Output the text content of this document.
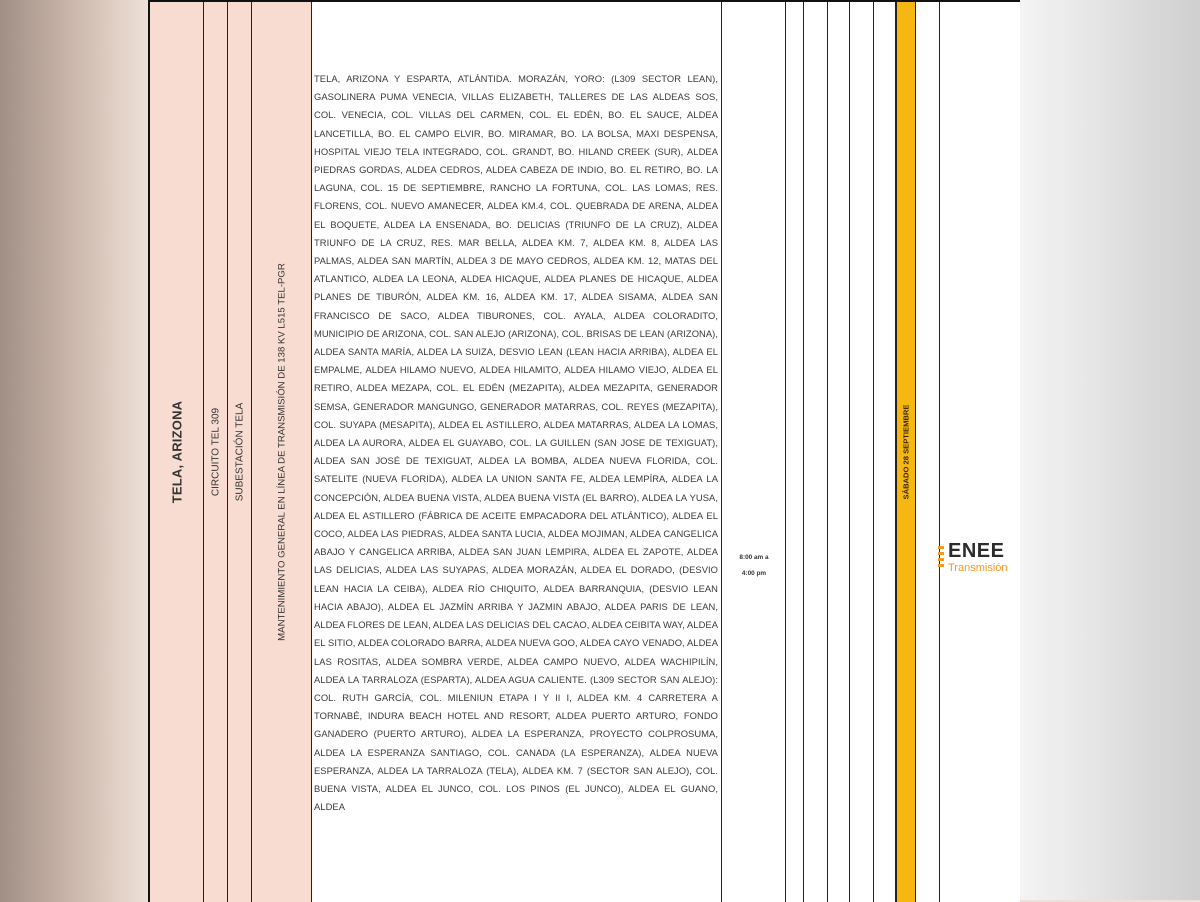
TELA, ARIZONA	CIRCUITO TEL 309 SUBESTACIÓN TELA	MANTENIMIENTO GENERAL EN LÍNEA DE TRANSMISIÓN DE 138 KV L515 TEL-PGR
TELA, ARIZONA Y ESPARTA, ATLÁNTIDA. MORAZÁN, YORO: (L309 SECTOR LEAN), GASOLINERA PUMA VENECIA, VILLAS ELIZABETH, TALLERES DE LAS ALDEAS SOS, COL. VENECIA, COL. VILLAS DEL CARMEN, COL. EL EDÉN, BO. EL SAUCE, ALDEA LANCETILLA, BO. EL CAMPO ELVIR, BO. MIRAMAR, BO. LA BOLSA, MAXI DESPENSA, HOSPITAL VIEJO TELA INTEGRADO, COL. GRANDT, BO. HILAND CREEK (SUR), ALDEA PIEDRAS GORDAS, ALDEA CEDROS, ALDEA CABEZA DE INDIO, BO. EL RETIRO, BO. LA LAGUNA, COL. 15 DE SEPTIEMBRE, RANCHO LA FORTUNA, COL. LAS LOMAS, RES. FLORENS, COL. NUEVO AMANECER, ALDEA KM.4, COL. QUEBRADA DE ARENA, ALDEA EL BOQUETE, ALDEA LA ENSENADA, BO. DELICIAS (TRIUNFO DE LA CRUZ), ALDEA TRIUNFO DE LA CRUZ, RES. MAR BELLA, ALDEA KM. 7, ALDEA KM. 8, ALDEA LAS PALMAS, ALDEA SAN MARTÍN, ALDEA 3 DE MAYO CEDROS, ALDEA KM. 12, MATAS DEL ATLANTICO, ALDEA LA LEONA, ALDEA HICAQUE, ALDEA PLANES DE HICAQUE, ALDEA PLANES DE TIBURÓN, ALDEA KM. 16, ALDEA KM. 17, ALDEA SISAMA, ALDEA SAN FRANCISCO DE SACO, ALDEA TIBURONES, COL. AYALA, ALDEA COLORADITO, MUNICIPIO DE ARIZONA, COL. SAN ALEJO (ARIZONA), COL. BRISAS DE LEAN (ARIZONA), ALDEA SANTA MARÍA, ALDEA LA SUIZA, DESVIO LEAN (LEAN HACIA ARRIBA), ALDEA EL EMPALME, ALDEA HILAMO NUEVO, ALDEA HILAMITO, ALDEA HILAMO VIEJO, ALDEA EL RETIRO, ALDEA MEZAPA, COL. EL EDÉN (MEZAPITA), ALDEA MEZAPITA, GENERADOR SEMSA, GENERADOR MANGUNGO, GENERADOR MATARRAS, COL. REYES (MEZAPITA), COL. SUYAPA (MESAPITA), ALDEA EL ASTILLERO, ALDEA MATARRAS, ALDEA LA LOMAS, ALDEA LA AURORA, ALDEA EL GUAYABO, COL. LA GUILLEN (SAN JOSE DE TEXIGUAT), ALDEA SAN JOSÉ DE TEXIGUAT, ALDEA LA BOMBA, ALDEA NUEVA FLORIDA, COL. SATELITE (NUEVA FLORIDA), ALDEA LA UNION SANTA FE, ALDEA LEMPÍRA, ALDEA LA CONCEPCIÓN, ALDEA BUENA VISTA, ALDEA BUENA VISTA (EL BARRO), ALDEA LA YUSA, ALDEA EL ASTILLERO (FÁBRICA DE ACEITE EMPACADORA DEL ATLÁNTICO), ALDEA EL COCO, ALDEA LAS PIEDRAS, ALDEA SANTA LUCIA, ALDEA MOJIMAN, ALDEA CANGELICA ABAJO Y CANGELICA ARRIBA, ALDEA SAN JUAN LEMPIRA, ALDEA EL ZAPOTE, ALDEA LAS DELICIAS, ALDEA LAS SUYAPAS, ALDEA MORAZÁN, ALDEA EL DORADO, (DESVIO LEAN HACIA LA CEIBA), ALDEA RÍO CHIQUITO, ALDEA BARRANQUIA, (DESVIO LEAN HACIA ABAJO), ALDEA EL JAZMÍN ARRIBA Y JAZMIN ABAJO, ALDEA PARIS DE LEAN, ALDEA FLORES DE LEAN, ALDEA LAS DELICIAS DEL CACAO, ALDEA CEIBITA WAY, ALDEA EL SITIO, ALDEA COLORADO BARRA, ALDEA NUEVA GOO, ALDEA CAYO VENADO, ALDEA LAS ROSITAS, ALDEA SOMBRA VERDE, ALDEA CAMPO NUEVO, ALDEA WACHIPILÍN, ALDEA LA TARRALOZA (ESPARTA), ALDEA AGUA CALIENTE. (L309 SECTOR SAN ALEJO): COL. RUTH GARCÍA, COL. MILENIUN ETAPA I Y II I, ALDEA KM. 4 CARRETERA A TORNABÉ, INDURA BEACH HOTEL AND RESORT, ALDEA PUERTO ARTURO, FONDO GANADERO (PUERTO ARTURO), ALDEA LA ESPERANZA, PROYECTO COLPROSUMA, ALDEA LA ESPERANZA SANTIAGO, COL. CANADA (LA ESPERANZA), ALDEA NUEVA ESPERANZA, ALDEA LA TARRALOZA (TELA), ALDEA KM. 7 (SECTOR SAN ALEJO), COL. BUENA VISTA, ALDEA EL JUNCO, COL. LOS PINOS (EL JUNCO), ALDEA EL GUANO, ALDEA
8:00 am a
4:00 pm
SÁBADO 28 SEPTIEMBRE
ENEE
Transmisión
